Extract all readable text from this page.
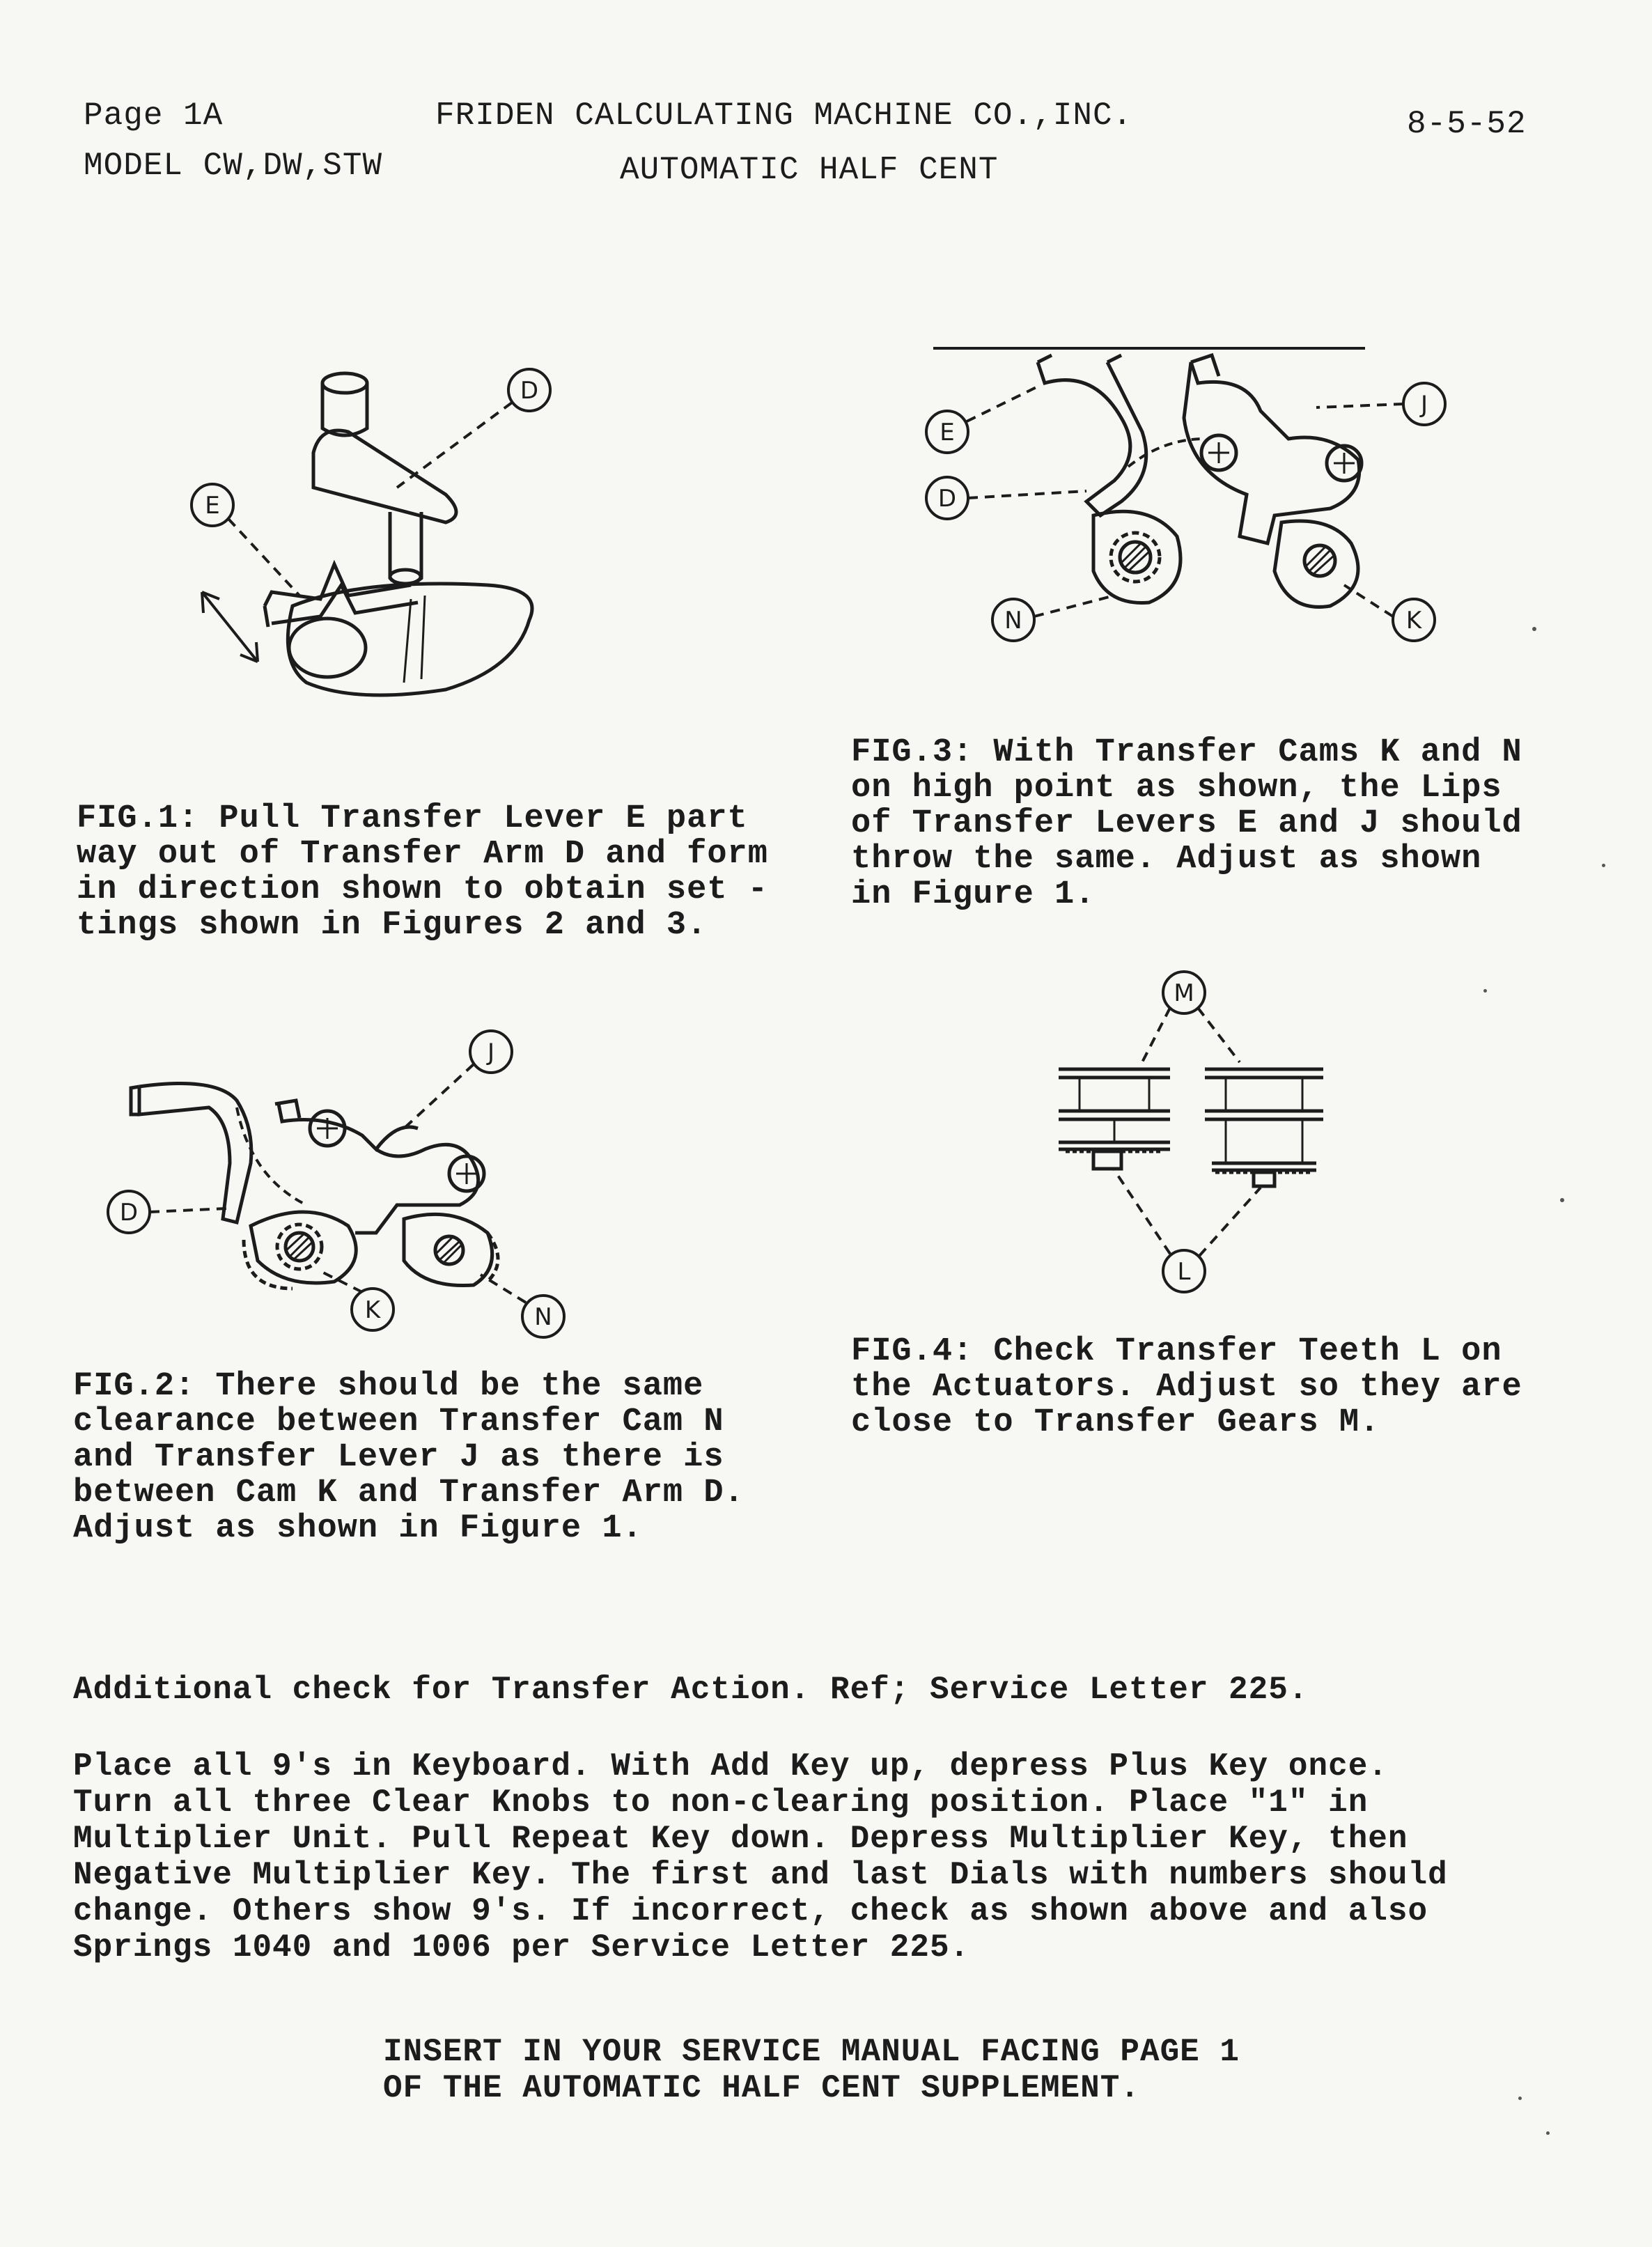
Page 1A
MODEL CW,DW,STW
FRIDEN CALCULATING MACHINE CO.,INC.
AUTOMATIC HALF CENT
8-5-52
D
E
FIG.1: Pull Transfer Lever E part
way out of Transfer Arm D and form
in direction shown to obtain set -
tings shown in Figures 2 and 3.
E
J
D
N	K
FIG.3: With Transfer Cams K and N
on high point as shown, the Lips
of Transfer Levers E and J should
throw the same. Adjust as shown
in Figure 1.
J
D
K	N
FIG.2: There should be the same
clearance between Transfer Cam N
and Transfer Lever J as there is
between Cam K and Transfer Arm D.
Adjust as shown in Figure 1.
M
L
FIG.4: Check Transfer Teeth L on
the Actuators. Adjust so they are
close to Transfer Gears M.
Additional check for Transfer Action. Ref; Service Letter 225.
Place all 9's in Keyboard. With Add Key up, depress Plus Key once.
Turn all three Clear Knobs to non-clearing position. Place "1" in
Multiplier Unit. Pull Repeat Key down. Depress Multiplier Key, then
Negative Multiplier Key. The first and last Dials with numbers should
change. Others show 9's. If incorrect, check as shown above and also
Springs 1040 and 1006 per Service Letter 225.
INSERT IN YOUR SERVICE MANUAL FACING PAGE 1
OF THE AUTOMATIC HALF CENT SUPPLEMENT.
